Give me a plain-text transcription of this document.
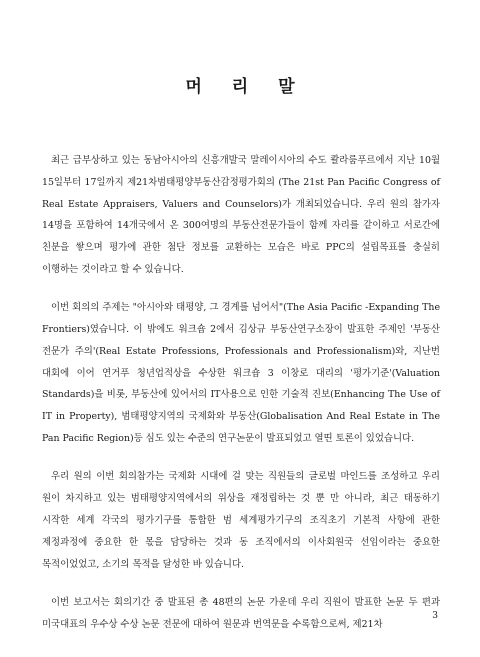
머 리 말

최근 급부상하고 있는 동남아시아의 신흥개발국 말레이시아의 수도 콸라룸푸르에서 지난 10월 15일부터 17일까지 제21차범태평양부동산감정평가회의 (The 21st Pan Pacific Congress of Real Estate Appraisers, Valuers and Counselors)가 개최되었습니다. 우리 원의 참가자 14명을 포함하여 14개국에서 온 300여명의 부동산전문가들이 함께 자리를 같이하고 서로간에 친분을 쌓으며 평가에 관한 첨단 정보를 교환하는 모습은 바로 PPC의 설립목표를 충실히 이행하는 것이라고 할 수 있습니다.

이번 회의의 주제는 "아시아와 태평양, 그 경계를 넘어서"(The Asia Pacific -Expanding The Frontiers)였습니다. 이 밖에도 워크숍 2에서 김상규 부동산연구소장이 발표한 주제인 '부동산 전문가 주의'(Real Estate Professions, Professionals and Professionalism)와, 지난번 대회에 이어 연거푸 청년업적상을 수상한 워크숍 3 이창로 대리의 '평가기준'(Valuation Standards)을 비롯, 부동산에 있어서의 IT사용으로 인한 기술적 진보(Enhancing The Use of IT in Property), 범태평양지역의 국제화와 부동산(Globalisation And Real Estate in The Pan Pacific Region)등 심도 있는 수준의 연구논문이 발표되었고 열띤 토론이 있었습니다.

우리 원의 이번 회의참가는 국제화 시대에 걸 맞는 직원들의 글로벌 마인드를 조성하고 우리 원이 차지하고 있는 범태평양지역에서의 위상을 재정립하는 것 뿐 만 아니라, 최근 태동하기 시작한 세계 각국의 평가기구를 통합한 범 세계평가기구의 조직초기 기본적 사항에 관한 제정과정에 중요한 한 몫을 담당하는 것과 동 조직에서의 이사회원국 선임이라는 중요한 목적이었었고, 소기의 목적을 달성한 바 있습니다.

이번 보고서는 회의기간 중 발표된 총 48편의 논문 가운데 우리 직원이 발표한 논문 두 편과 미국대표의 우수상 수상 논문 전문에 대하여 원문과 번역문을 수록함으로써, 제21차

3
